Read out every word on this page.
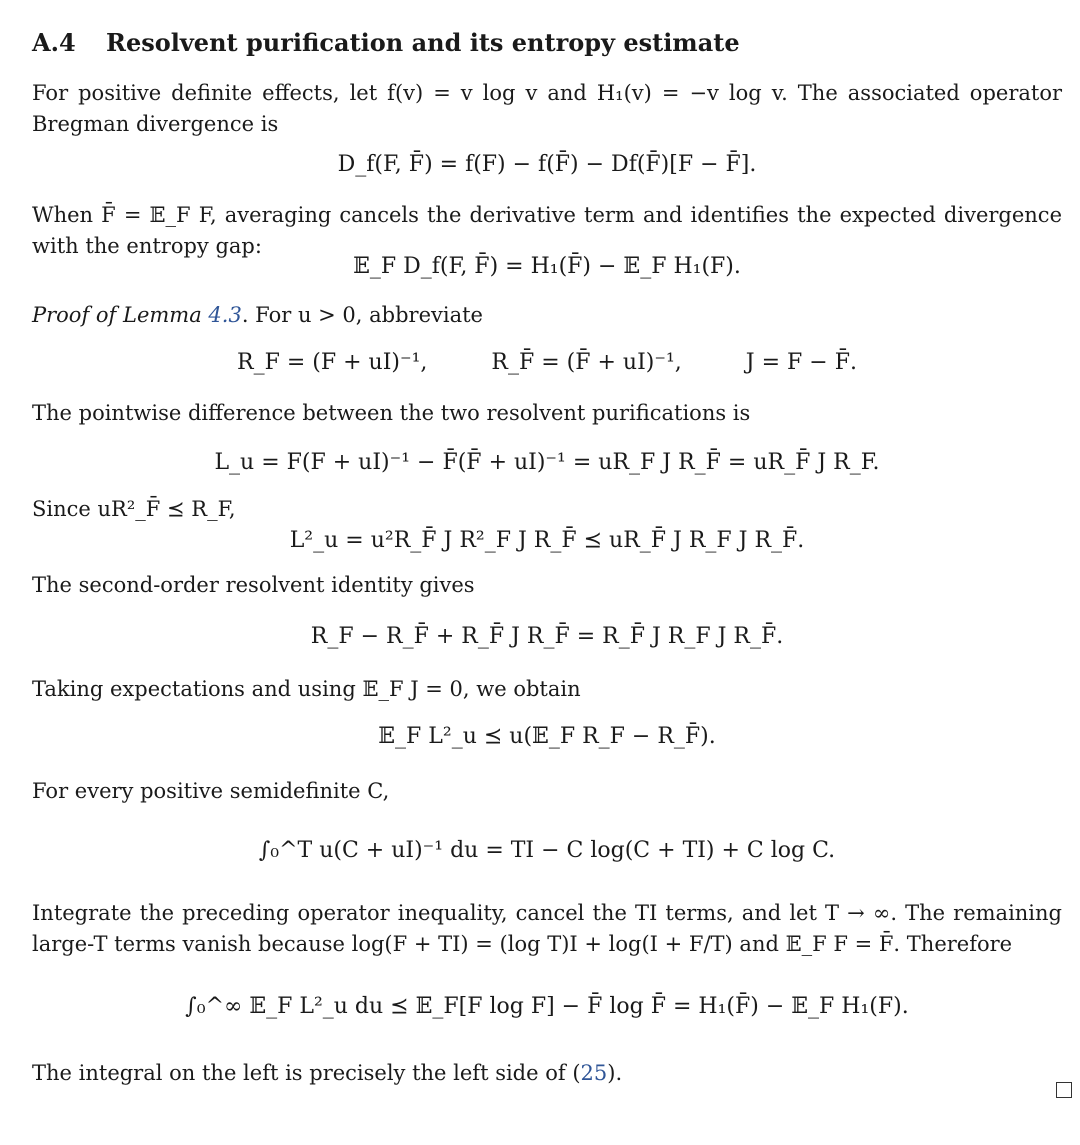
A.4 Resolvent purification and its entropy estimate

For positive definite effects, let f(v) = v log v and H₁(v) = −v log v. The associated operator Bregman divergence is

D_f(F, F̄) = f(F) − f(F̄) − Df(F̄)[F − F̄].

When F̄ = 𝔼_F F, averaging cancels the derivative term and identifies the expected divergence with the entropy gap:

𝔼_F D_f(F, F̄) = H₁(F̄) − 𝔼_F H₁(F).

Proof of Lemma 4.3. For u > 0, abbreviate

R_F = (F + uI)⁻¹,	R_F̄ = (F̄ + uI)⁻¹,	J = F − F̄.

The pointwise difference between the two resolvent purifications is

L_u = F(F + uI)⁻¹ − F̄(F̄ + uI)⁻¹ = uR_F J R_F̄ = uR_F̄ J R_F.

Since uR²_F̄ ⪯ R_F,

L²_u = u²R_F̄ J R²_F J R_F̄ ⪯ uR_F̄ J R_F J R_F̄.

The second-order resolvent identity gives

R_F − R_F̄ + R_F̄ J R_F̄ = R_F̄ J R_F J R_F̄.

Taking expectations and using 𝔼_F J = 0, we obtain

𝔼_F L²_u ⪯ u(𝔼_F R_F − R_F̄).

For every positive semidefinite C,

∫₀^T u(C + uI)⁻¹ du = TI − C log(C + TI) + C log C.

Integrate the preceding operator inequality, cancel the TI terms, and let T → ∞. The remaining large-T terms vanish because log(F + TI) = (log T)I + log(I + F/T) and 𝔼_F F = F̄. Therefore

∫₀^∞ 𝔼_F L²_u du ⪯ 𝔼_F[F log F] − F̄ log F̄ = H₁(F̄) − 𝔼_F H₁(F).

The integral on the left is precisely the left side of (25).
